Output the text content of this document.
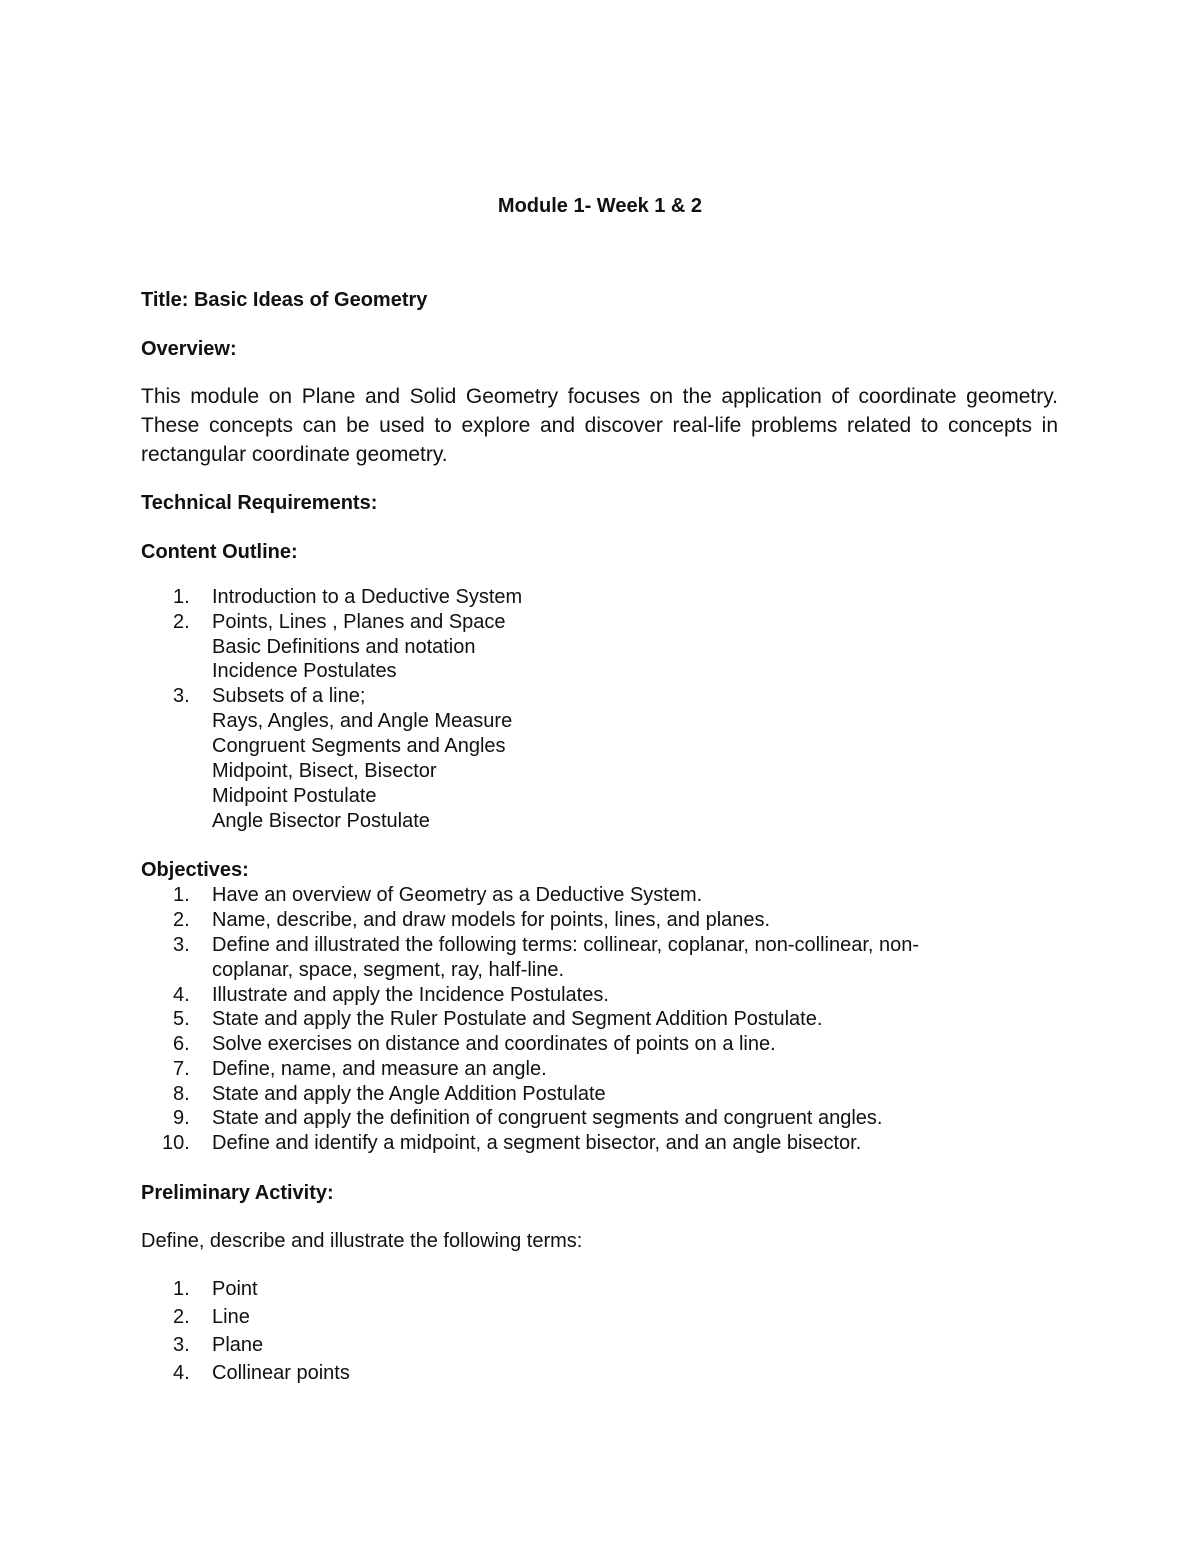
Module 1- Week 1 & 2
Title: Basic Ideas of Geometry
Overview:
This module on Plane and Solid Geometry focuses on the application of coordinate geometry.
These concepts can be used to explore and discover real-life problems related to concepts in
rectangular coordinate geometry.
Technical Requirements:
Content Outline:
1. Introduction to a Deductive System
2. Points, Lines , Planes and Space
Basic Definitions and notation
Incidence Postulates
3. Subsets of a line;
Rays, Angles, and Angle Measure
Congruent Segments and Angles
Midpoint, Bisect, Bisector
Midpoint Postulate
Angle Bisector Postulate
Objectives:
1. Have an overview of Geometry as a Deductive System.
2. Name, describe, and draw models for points, lines, and planes.
3. Define and illustrated the following terms: collinear, coplanar, non-collinear, non-
coplanar, space, segment, ray, half-line.
4. Illustrate and apply the Incidence Postulates.
5. State and apply the Ruler Postulate and Segment Addition Postulate.
6. Solve exercises on distance and coordinates of points on a line.
7. Define, name, and measure an angle.
8. State and apply the Angle Addition Postulate
9. State and apply the definition of congruent segments and congruent angles.
10. Define and identify a midpoint, a segment bisector, and an angle bisector.
Preliminary Activity:
Define, describe and illustrate the following terms:
1. Point
2. Line
3. Plane
4. Collinear points
